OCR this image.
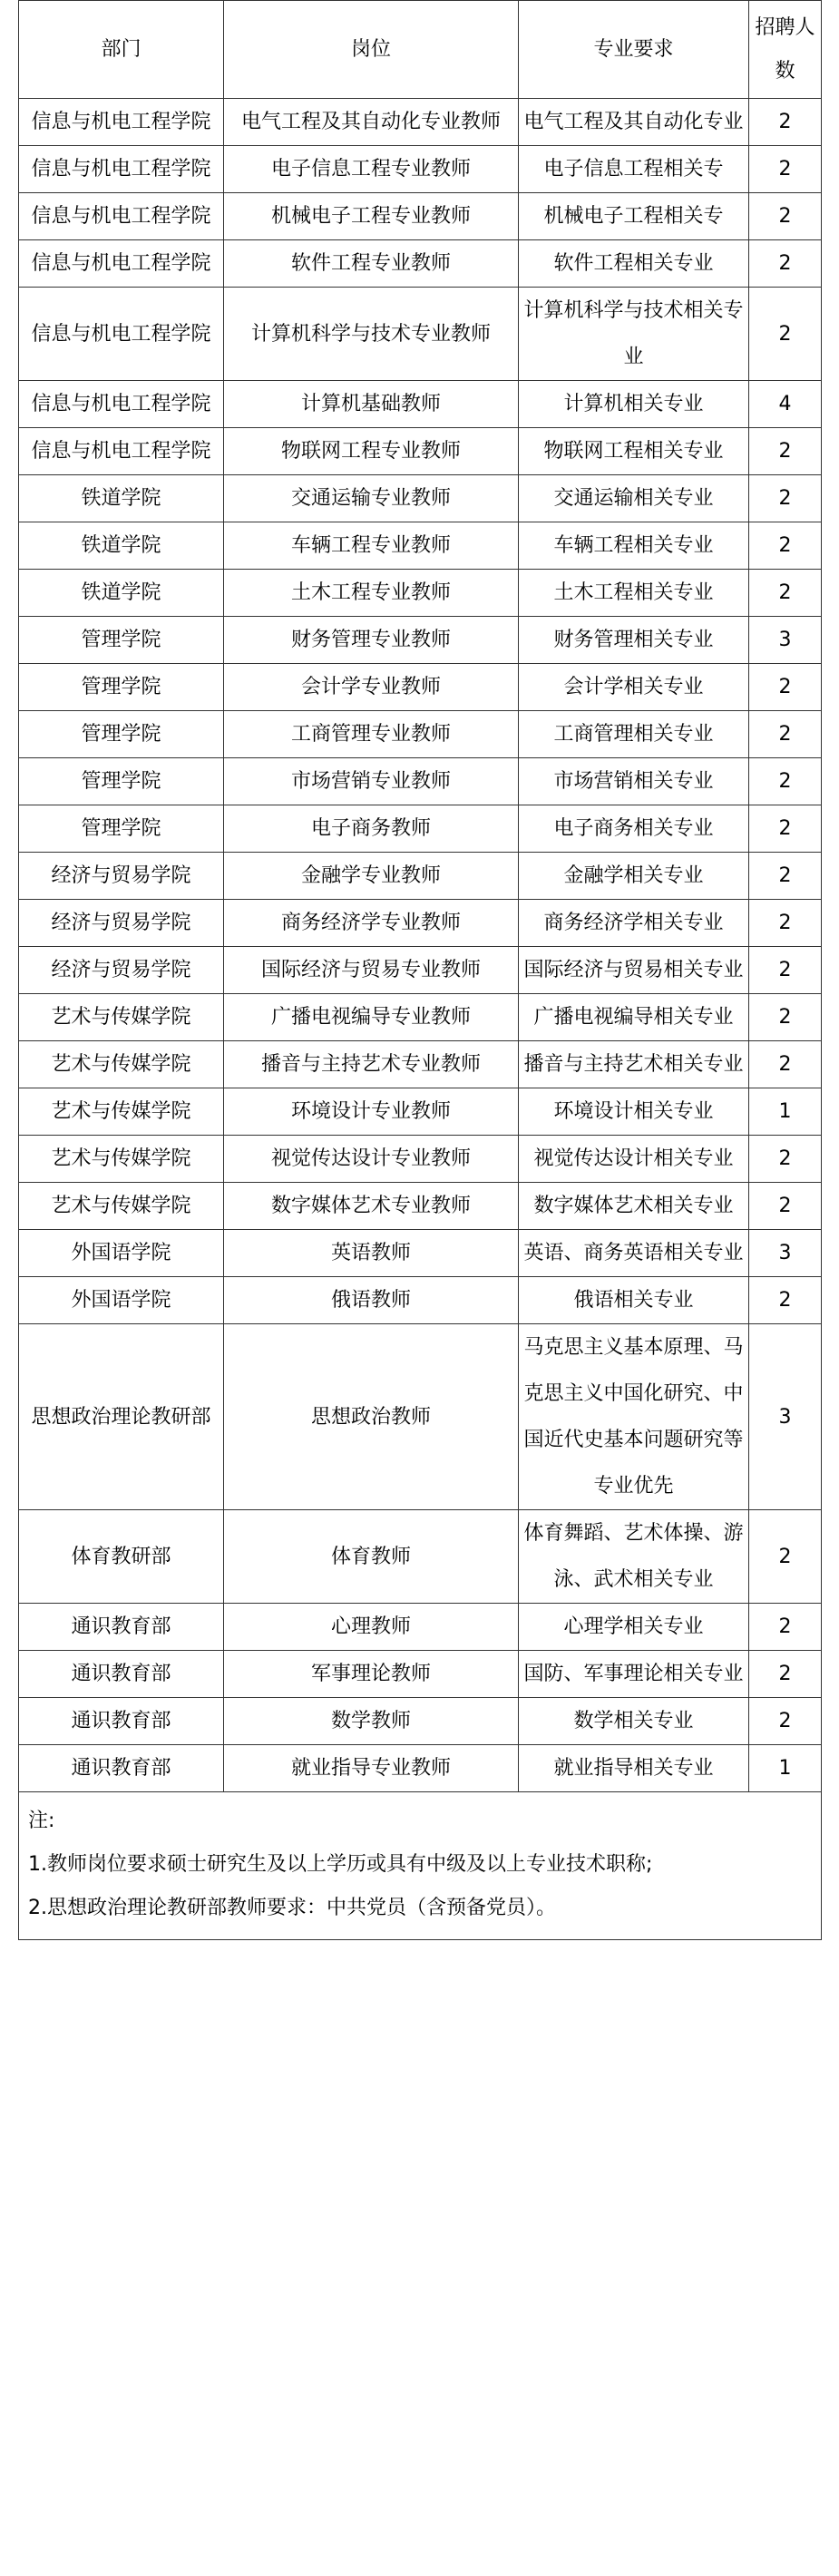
部门	岗位	专业要求	招聘人数
信息与机电工程学院	电气工程及其自动化专业教师	电气工程及其自动化专业	2
信息与机电工程学院	电子信息工程专业教师	电子信息工程相关专	2
信息与机电工程学院	机械电子工程专业教师	机械电子工程相关专	2
信息与机电工程学院	软件工程专业教师	软件工程相关专业	2
信息与机电工程学院	计算机科学与技术专业教师	计算机科学与技术相关专业	2
信息与机电工程学院	计算机基础教师	计算机相关专业	4
信息与机电工程学院	物联网工程专业教师	物联网工程相关专业	2
铁道学院	交通运输专业教师	交通运输相关专业	2
铁道学院	车辆工程专业教师	车辆工程相关专业	2
铁道学院	土木工程专业教师	土木工程相关专业	2
管理学院	财务管理专业教师	财务管理相关专业	3
管理学院	会计学专业教师	会计学相关专业	2
管理学院	工商管理专业教师	工商管理相关专业	2
管理学院	市场营销专业教师	市场营销相关专业	2
管理学院	电子商务教师	电子商务相关专业	2
经济与贸易学院	金融学专业教师	金融学相关专业	2
经济与贸易学院	商务经济学专业教师	商务经济学相关专业	2
经济与贸易学院	国际经济与贸易专业教师	国际经济与贸易相关专业	2
艺术与传媒学院	广播电视编导专业教师	广播电视编导相关专业	2
艺术与传媒学院	播音与主持艺术专业教师	播音与主持艺术相关专业	2
艺术与传媒学院	环境设计专业教师	环境设计相关专业	1
艺术与传媒学院	视觉传达设计专业教师	视觉传达设计相关专业	2
艺术与传媒学院	数字媒体艺术专业教师	数字媒体艺术相关专业	2
外国语学院	英语教师	英语、商务英语相关专业	3
外国语学院	俄语教师	俄语相关专业	2
思想政治理论教研部	思想政治教师	马克思主义基本原理、马克思主义中国化研究、中国近代史基本问题研究等专业优先	3
体育教研部	体育教师	体育舞蹈、艺术体操、游泳、武术相关专业	2
通识教育部	心理教师	心理学相关专业	2
通识教育部	军事理论教师	国防、军事理论相关专业	2
通识教育部	数学教师	数学相关专业	2
通识教育部	就业指导专业教师	就业指导相关专业	1

注:
1.教师岗位要求硕士研究生及以上学历或具有中级及以上专业技术职称;
2.思想政治理论教研部教师要求：中共党员（含预备党员）。			
